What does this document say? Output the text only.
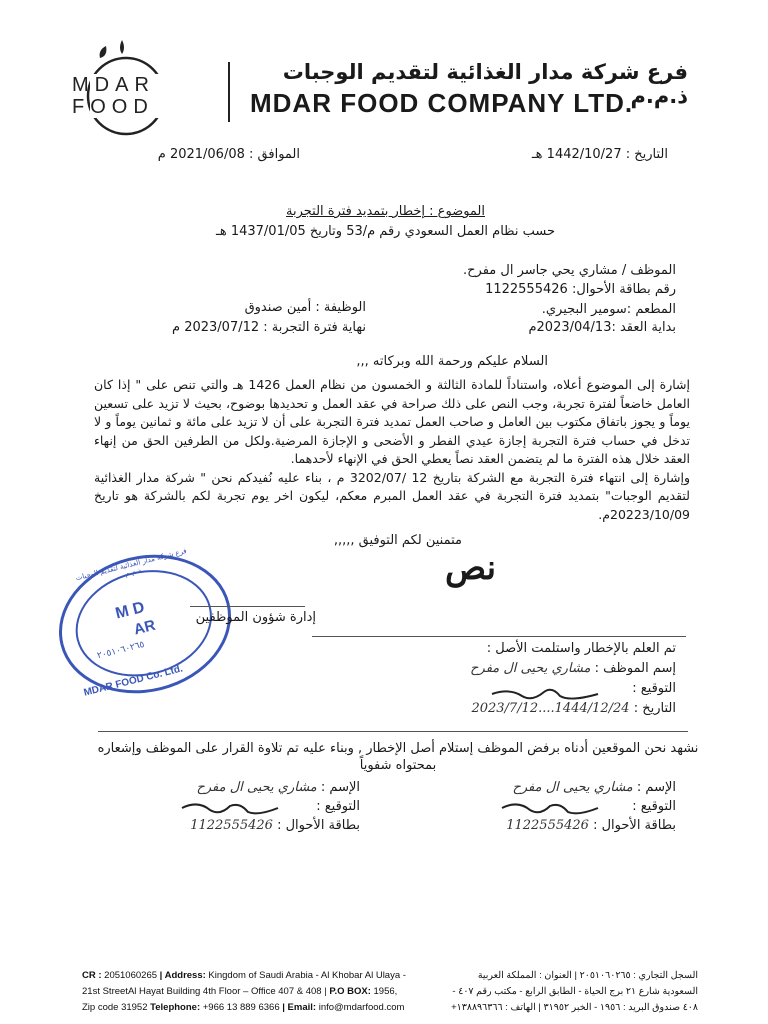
MDAR
FOOD
فرع شركة مدار الغذائية لتقديم الوجبات ذ.م.م
MDAR FOOD COMPANY LTD.
التاريخ : 1442/10/27 هـ
الموافق : 2021/06/08 م
الموضوع : إخطار بتمديد فترة التجربة
حسب نظام العمل السعودي رقم م/53 وتاريخ 1437/01/05 هـ
الموظف / مشاري يحي جاسر ال مفرح.
رقم بطاقة الأحوال: 1122555426
المطعم :سومير البجيري.
بداية العقد :2023/04/13م
الوظيفة : أمين صندوق
نهاية فترة التجربة : 2023/07/12 م
السلام عليكم ورحمة الله وبركاته ,,,

إشارة إلى الموضوع أعلاه، واستناداً للمادة الثالثة و الخمسون من نظام العمل 1426 هـ والتي تنص على " إذا كان العامل خاضعاً لفترة تجربة، وجب النص على ذلك صراحة في عقد العمل و تحديدها بوضوح، بحيث لا تزيد على تسعين يوماً و يجوز باتفاق مكتوب بين العامل و صاحب العمل تمديد فترة التجربة على أن لا تزيد على مائة و ثمانين يوماً و لا تدخل في حساب فترة التجربة إجازة عيدي الفطر و الأضحى و الإجازة المرضية.ولكل من الطرفين الحق من إنهاء العقد خلال هذه الفترة ما لم يتضمن العقد نصاً يعطي الحق في الإنهاء لأحدهما.

وإشارة إلى انتهاء فترة التجربة مع الشركة بتاريخ 12 /3202/07 م ، بناء عليه نُفيدكم نحن " شركة مدار الغذائية لتقديم الوجبات" بتمديد فترة التجربة في عقد العمل المبرم معكم، ليكون اخر يوم تجربة لكم بالشركة هو تاريخ 20223/10/09م.

متمنين لكم التوفيق ,,,,,
نص
فرع شركة مدار الغذائية لتقديم الوجبات ذ.م.م
M D
AR
٢٠٥١٠٦٠٢٦٥
MDAR FOOD Co. Ltd.
إدارة شؤون الموظفين
تم العلم بالإخطار واستلمت الأصل :
إسم الموظف : مشاري يحيى ال مفرح
التوقيع :
التاريخ : 2023/7/12....1444/12/24
نشهد نحن الموقعين أدناه برفض الموظف إستلام أصل الإخطار , وبناء عليه تم تلاوة القرار على الموظف وإشعاره بمحتواه شفوياً
الإسم : مشاري يحيى ال مفرح
التوقيع :
بطاقة الأحوال : 1122555426
الإسم : مشاري يحيى ال مفرح
التوقيع :
بطاقة الأحوال : 1122555426
CR : 2051060265 | Address: Kingdom of Saudi Arabia - Al Khobar Al Ulaya -
21st StreetAl Hayat Building 4th Floor – Office 407 & 408 | P.O BOX: 1956,
Zip code 31952 Telephone: +966 13 889 6366 | Email: info@mdarfood.com
السجل التجاري : ٢٠٥١٠٦٠٢٦٥ | العنوان : المملكة العربية
السعودية شارع ٢١ برج الحياة - الطابق الرابع - مكتب رقم ٤٠٧ -
٤٠٨ صندوق البريد : ١٩٥٦ - الخبر ٣١٩٥٢ | الهاتف : ١٣٨٨٩٦٣٦٦+
